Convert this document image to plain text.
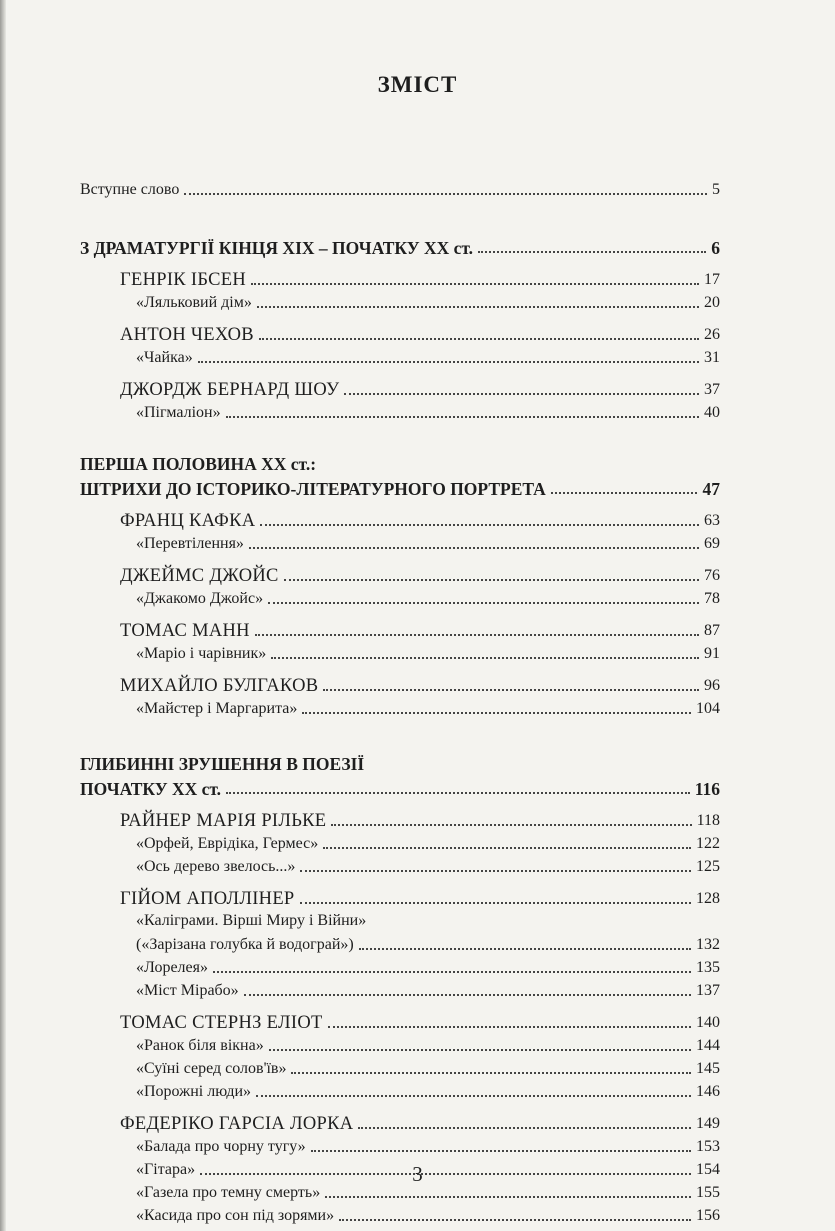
ЗМІСТ
Вступне слово	5
З ДРАМАТУРГІЇ КІНЦЯ ХІХ – ПОЧАТКУ ХХ ст.	6
ГЕНРІК ІБСЕН	17
«Ляльковий дім»	20
АНТОН ЧЕХОВ	26
«Чайка»	31
ДЖОРДЖ БЕРНАРД ШОУ	37
«Пігмаліон»	40
ПЕРША ПОЛОВИНА ХХ ст.:
ШТРИХИ ДО ІСТОРИКО-ЛІТЕРАТУРНОГО ПОРТРЕТА	47
ФРАНЦ КАФКА	63
«Перевтілення»	69
ДЖЕЙМС ДЖОЙС	76
«Джакомо Джойс»	78
ТОМАС МАНН	87
«Маріо і чарівник»	91
МИХАЙЛО БУЛГАКОВ	96
«Майстер і Маргарита»	104
ГЛИБИННІ ЗРУШЕННЯ В ПОЕЗІЇ
ПОЧАТКУ ХХ ст.	116
РАЙНЕР МАРІЯ РІЛЬКЕ	118
«Орфей, Еврідіка, Гермес»	122
«Ось дерево звелось...»	125
ГІЙОМ АПОЛЛІНЕР	128
«Каліграми. Вірші Миру і Війни»
(«Зарізана голубка й водограй»)	132
«Лорелея»	135
«Міст Мірабо»	137
ТОМАС СТЕРНЗ ЕЛІОТ	140
«Ранок біля вікна»	144
«Суїні серед солов'їв»	145
«Порожні люди»	146
ФЕДЕРІКО ГАРСІА ЛОРКА	149
«Балада про чорну тугу»	153
«Гітара»	154
«Газела про темну смерть»	155
«Касида про сон під зорями»	156
3
